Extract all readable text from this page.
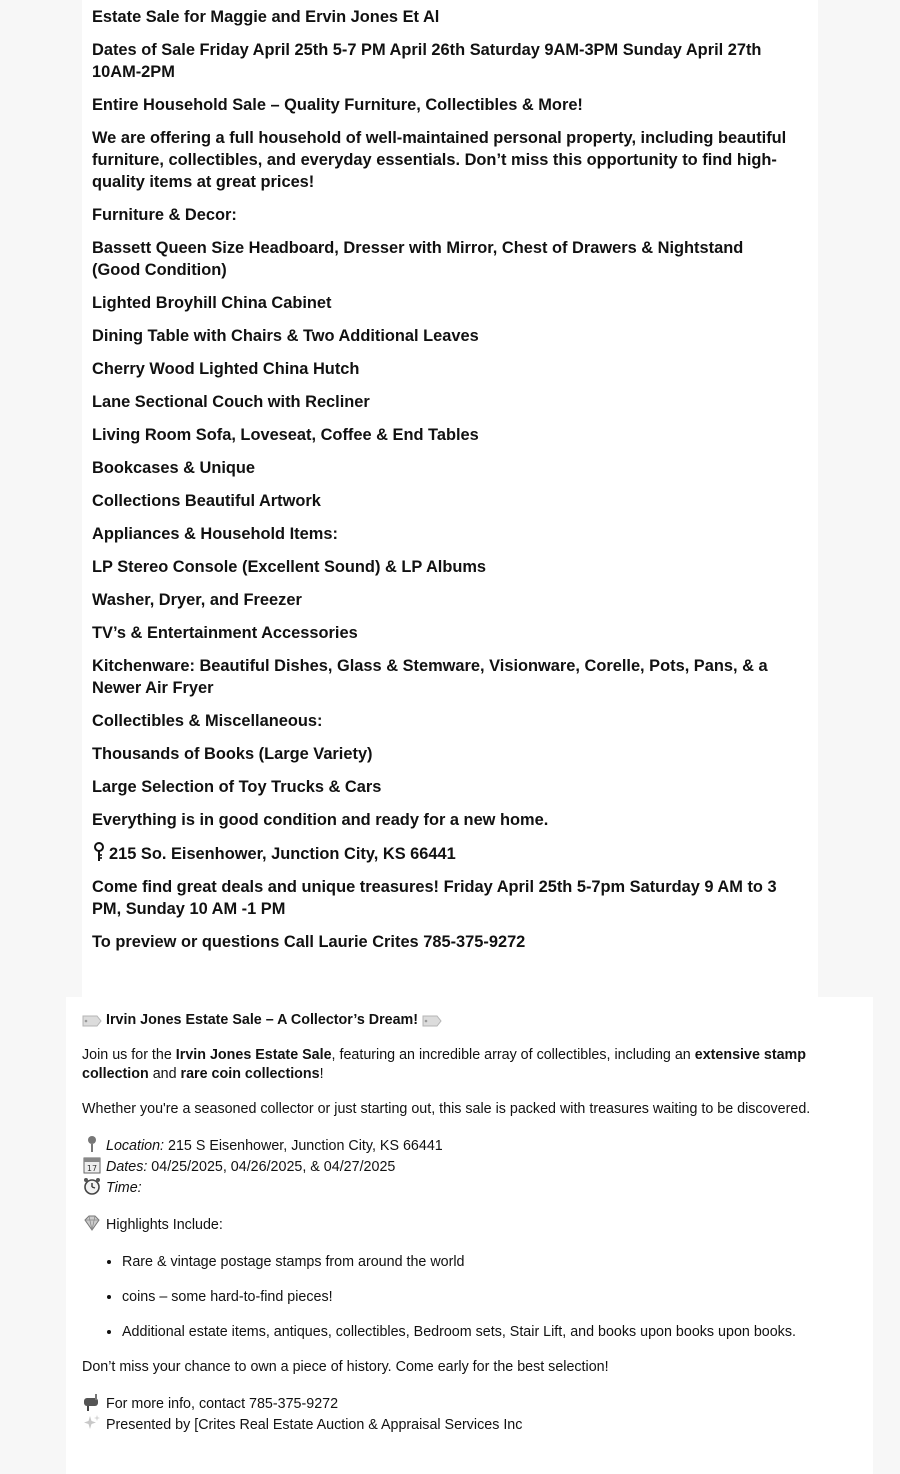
Estate Sale for Maggie and Ervin Jones Et Al
Dates of Sale Friday April 25th 5-7 PM April 26th Saturday 9AM-3PM Sunday April 27th 10AM-2PM
Entire Household Sale – Quality Furniture, Collectibles & More!
We are offering a full household of well-maintained personal property, including beautiful furniture, collectibles, and everyday essentials. Don’t miss this opportunity to find high-quality items at great prices!
Furniture & Decor:
Bassett Queen Size Headboard, Dresser with Mirror, Chest of Drawers & Nightstand (Good Condition)
Lighted Broyhill China Cabinet
Dining Table with Chairs & Two Additional Leaves
Cherry Wood Lighted China Hutch
Lane Sectional Couch with Recliner
Living Room Sofa, Loveseat, Coffee & End Tables
Bookcases & Unique
Collections Beautiful Artwork
Appliances & Household Items:
LP Stereo Console (Excellent Sound) & LP Albums
Washer, Dryer, and Freezer
TV’s & Entertainment Accessories
Kitchenware: Beautiful Dishes, Glass & Stemware, Visionware, Corelle, Pots, Pans, & a Newer Air Fryer
Collectibles & Miscellaneous:
Thousands of Books (Large Variety)
Large Selection of Toy Trucks & Cars
Everything is in good condition and ready for a new home.
215 So. Eisenhower, Junction City, KS 66441
Come find great deals and unique treasures! Friday April 25th 5-7pm Saturday 9 AM to 3 PM, Sunday 10 AM -1 PM
To preview or questions Call Laurie Crites 785-375-9272
Irvin Jones Estate Sale – A Collector’s Dream!
Join us for the Irvin Jones Estate Sale, featuring an incredible array of collectibles, including an extensive stamp collection and rare coin collections!
Whether you're a seasoned collector or just starting out, this sale is packed with treasures waiting to be discovered.
Location: 215 S Eisenhower, Junction City, KS 66441
17 Dates: 04/25/2025, 04/26/2025, & 04/27/2025
Time:
Highlights Include:
• Rare & vintage postage stamps from around the world
• coins – some hard-to-find pieces!
• Additional estate items, antiques, collectibles, Bedroom sets, Stair Lift, and books upon books upon books.
Don’t miss your chance to own a piece of history. Come early for the best selection!
For more info, contact 785-375-9272
Presented by [Crites Real Estate Auction & Appraisal Services Inc
